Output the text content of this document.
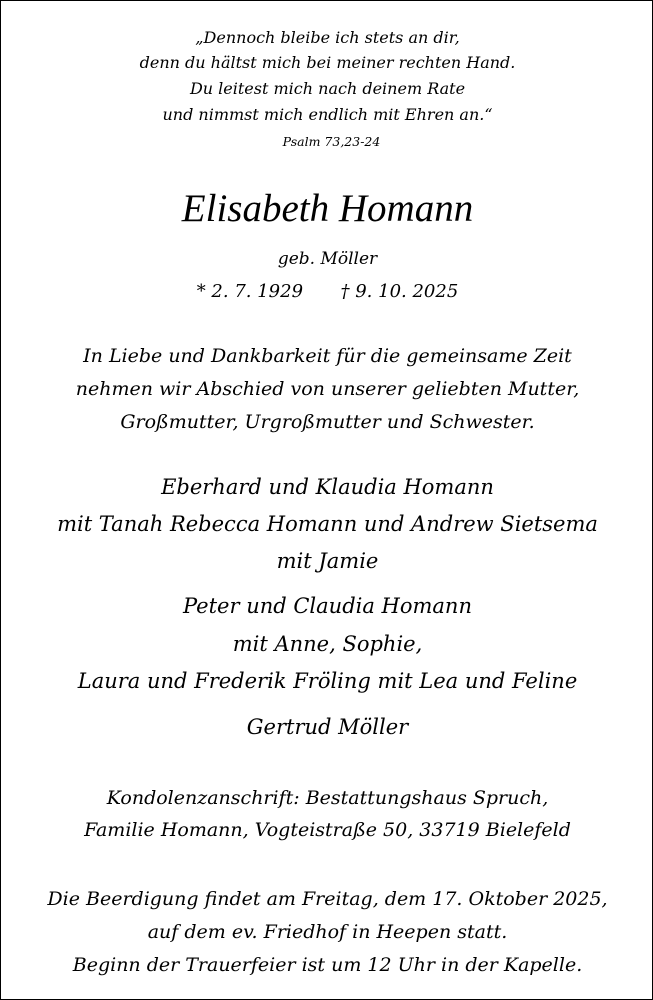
„Dennoch bleibe ich stets an dir,
denn du hältst mich bei meiner rechten Hand.
Du leitest mich nach deinem Rate
und nimmst mich endlich mit Ehren an.“
Psalm 73,23-24
Elisabeth Homann
geb. Möller
* 2. 7. 1929 † 9. 10. 2025
In Liebe und Dankbarkeit für die gemeinsame Zeit
nehmen wir Abschied von unserer geliebten Mutter,
Großmutter, Urgroßmutter und Schwester.
Eberhard und Klaudia Homann
mit Tanah Rebecca Homann und Andrew Sietsema
mit Jamie
Peter und Claudia Homann
mit Anne, Sophie,
Laura und Frederik Fröling mit Lea und Feline
Gertrud Möller
Kondolenzanschrift: Bestattungshaus Spruch,
Familie Homann, Vogteistraße 50, 33719 Bielefeld
Die Beerdigung findet am Freitag, dem 17. Oktober 2025,
auf dem ev. Friedhof in Heepen statt.
Beginn der Trauerfeier ist um 12 Uhr in der Kapelle.
